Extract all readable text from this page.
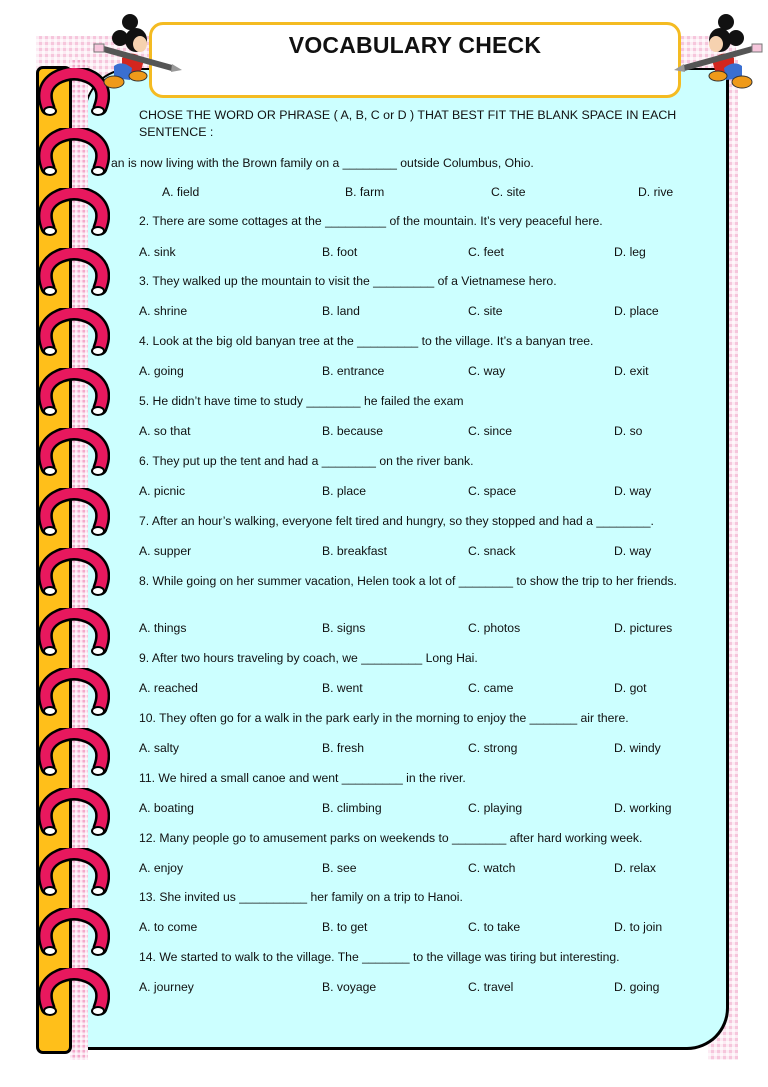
VOCABULARY CHECK
CHOSE THE WORD OR PHRASE ( A, B, C or D ) THAT BEST FIT THE BLANK SPACE IN EACH SENTENCE :
an is now living with the Brown family on a ________ outside Columbus, Ohio.
A. field	B. farm	C. site	D. rive
2. There are some cottages at the _________ of the mountain. It’s very peaceful here.
A. sink	B. foot	C. feet	D. leg
3. They walked up the mountain to visit the _________ of a Vietnamese hero.
A. shrine	B. land	C. site	D. place
4. Look at the big old banyan tree at the _________ to the village. It’s a banyan tree.
A. going	B. entrance	C. way	D. exit
5. He didn’t have time to study ________ he failed the exam
A. so that	B. because	C. since	D. so
6. They put up the tent and had a ________ on the river bank.
A. picnic	B. place	C. space	D. way
7. After an hour’s walking, everyone felt tired and hungry, so they stopped and had a ________.
A. supper	B. breakfast	C. snack	D. way
8. While going on her summer vacation, Helen took a lot of ________ to show the trip to her friends.
A. things	B. signs	C. photos	D. pictures
9. After two hours traveling by coach, we _________ Long Hai.
A. reached	B. went	C. came	D. got
10. They often go for a walk in the park early in the morning to enjoy the _______ air there.
A. salty	B. fresh	C. strong	D. windy
11. We hired a small canoe and went _________ in the river.
A. boating	B. climbing	C. playing	D. working
12. Many people go to amusement parks on weekends to ________ after hard working week.
A. enjoy	B. see	C. watch	D. relax
13. She invited us __________ her family on a trip to Hanoi.
A. to come	B. to get	C. to take	D. to join
14. We started to walk to the village. The _______ to the village was tiring but interesting.
A. journey	B. voyage	C. travel	D. going
